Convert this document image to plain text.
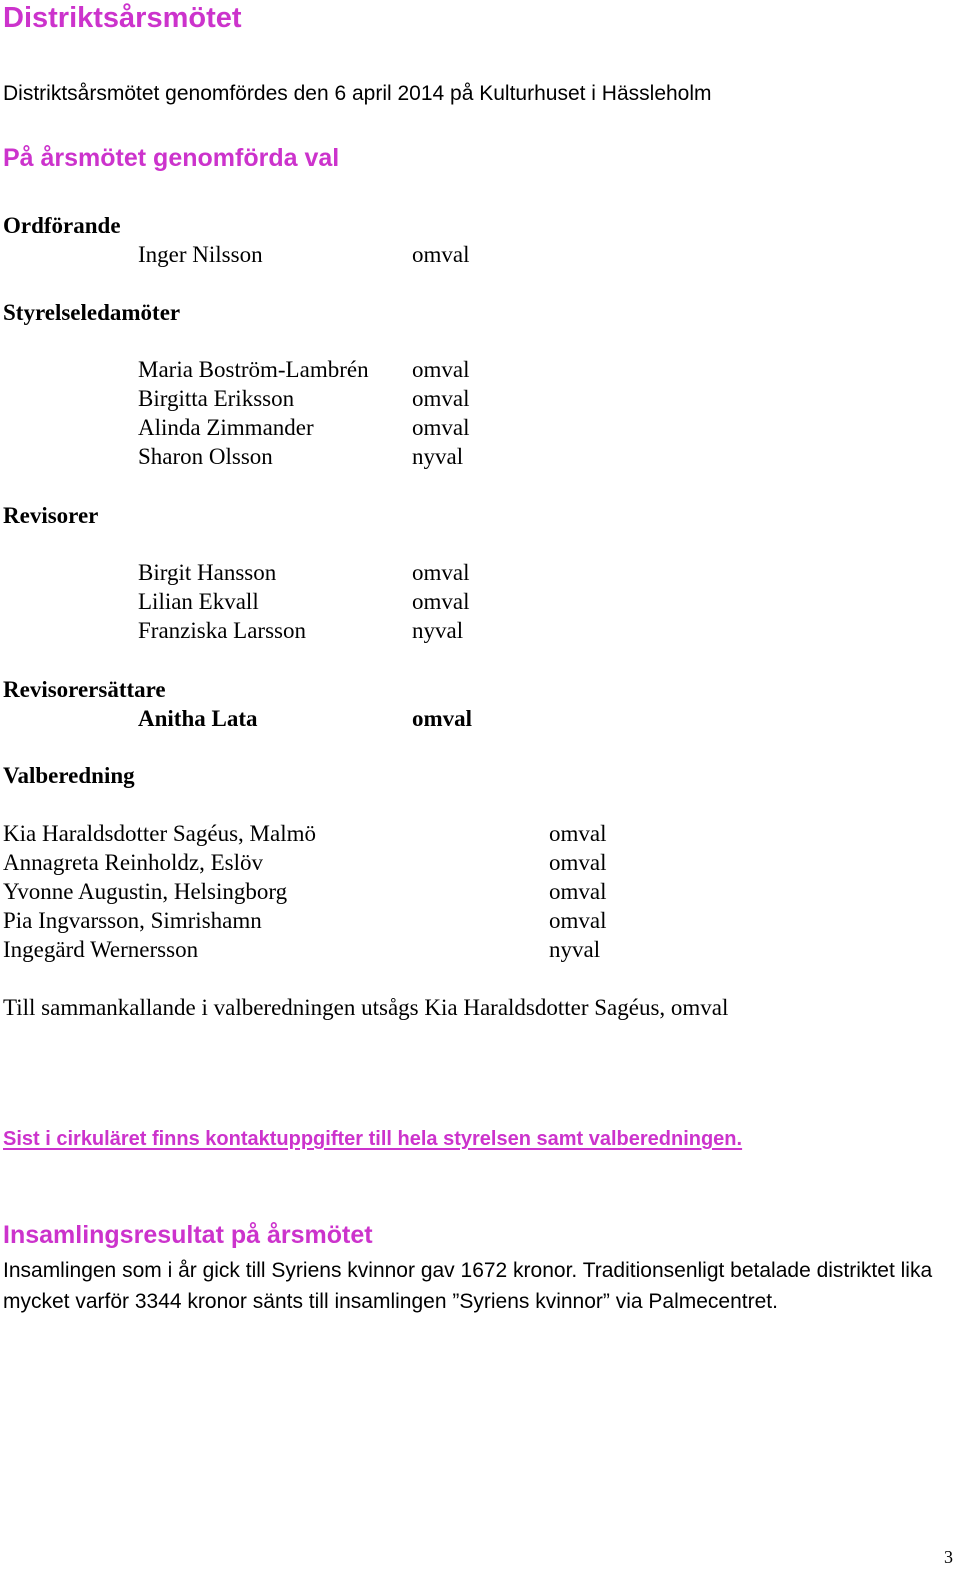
Distriktsårsmötet

Distriktsårsmötet genomfördes den 6 april 2014 på Kulturhuset i Hässleholm

På årsmötet genomförda val
Ordförande
Inger Nilsson	omval
Styrelseledamöter
Maria Boström-Lambrén omval
Birgitta Eriksson	omval
Alinda Zimmander	omval
Sharon Olsson	nyval
Revisorer
Birgit Hansson	omval
Lilian Ekvall	omval
Franziska Larsson	nyval
Revisorersättare
Anitha Lata	omval
Valberedning
Kia Haraldsdotter Sagéus, Malmö	omval
Annagreta Reinholdz, Eslöv	omval
Yvonne Augustin, Helsingborg	omval
Pia Ingvarsson, Simrishamn	omval
Ingegärd Wernersson	nyval
Till sammankallande i valberedningen utsågs Kia Haraldsdotter Sagéus, omval
Sist i cirkuläret finns kontaktuppgifter till hela styrelsen samt valberedningen.
Insamlingsresultat på årsmötet

Insamlingen som i år gick till Syriens kvinnor gav 1672 kronor. Traditionsenligt betalade distriktet lika mycket varför 3344 kronor sänts till insamlingen ”Syriens kvinnor” via Palmecentret.

3
